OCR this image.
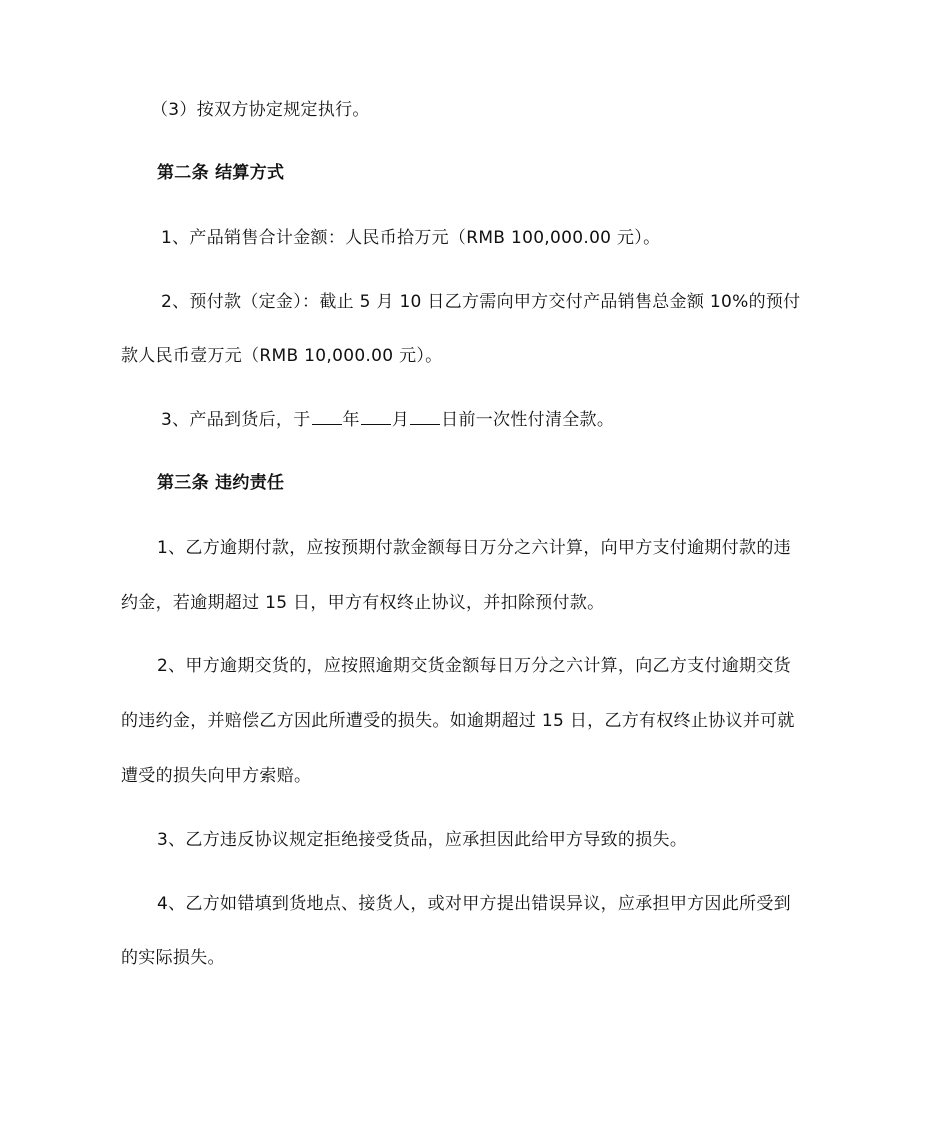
（3）按双方协定规定执行。
第二条 结算方式
1、产品销售合计金额：人民币拾万元（RMB 100,000.00 元）。
2、预付款（定金）：截止 5 月 10 日乙方需向甲方交付产品销售总金额 10%的预付
款人民币壹万元（RMB 10,000.00 元）。
3、产品到货后，于 年 月 日前一次性付清全款。
第三条 违约责任
1、乙方逾期付款，应按预期付款金额每日万分之六计算，向甲方支付逾期付款的违
约金，若逾期超过 15 日，甲方有权终止协议，并扣除预付款。
2、甲方逾期交货的，应按照逾期交货金额每日万分之六计算，向乙方支付逾期交货
的违约金，并赔偿乙方因此所遭受的损失。如逾期超过 15 日，乙方有权终止协议并可就
遭受的损失向甲方索赔。
3、乙方违反协议规定拒绝接受货品，应承担因此给甲方导致的损失。
4、乙方如错填到货地点、接货人，或对甲方提出错误异议，应承担甲方因此所受到
的实际损失。
